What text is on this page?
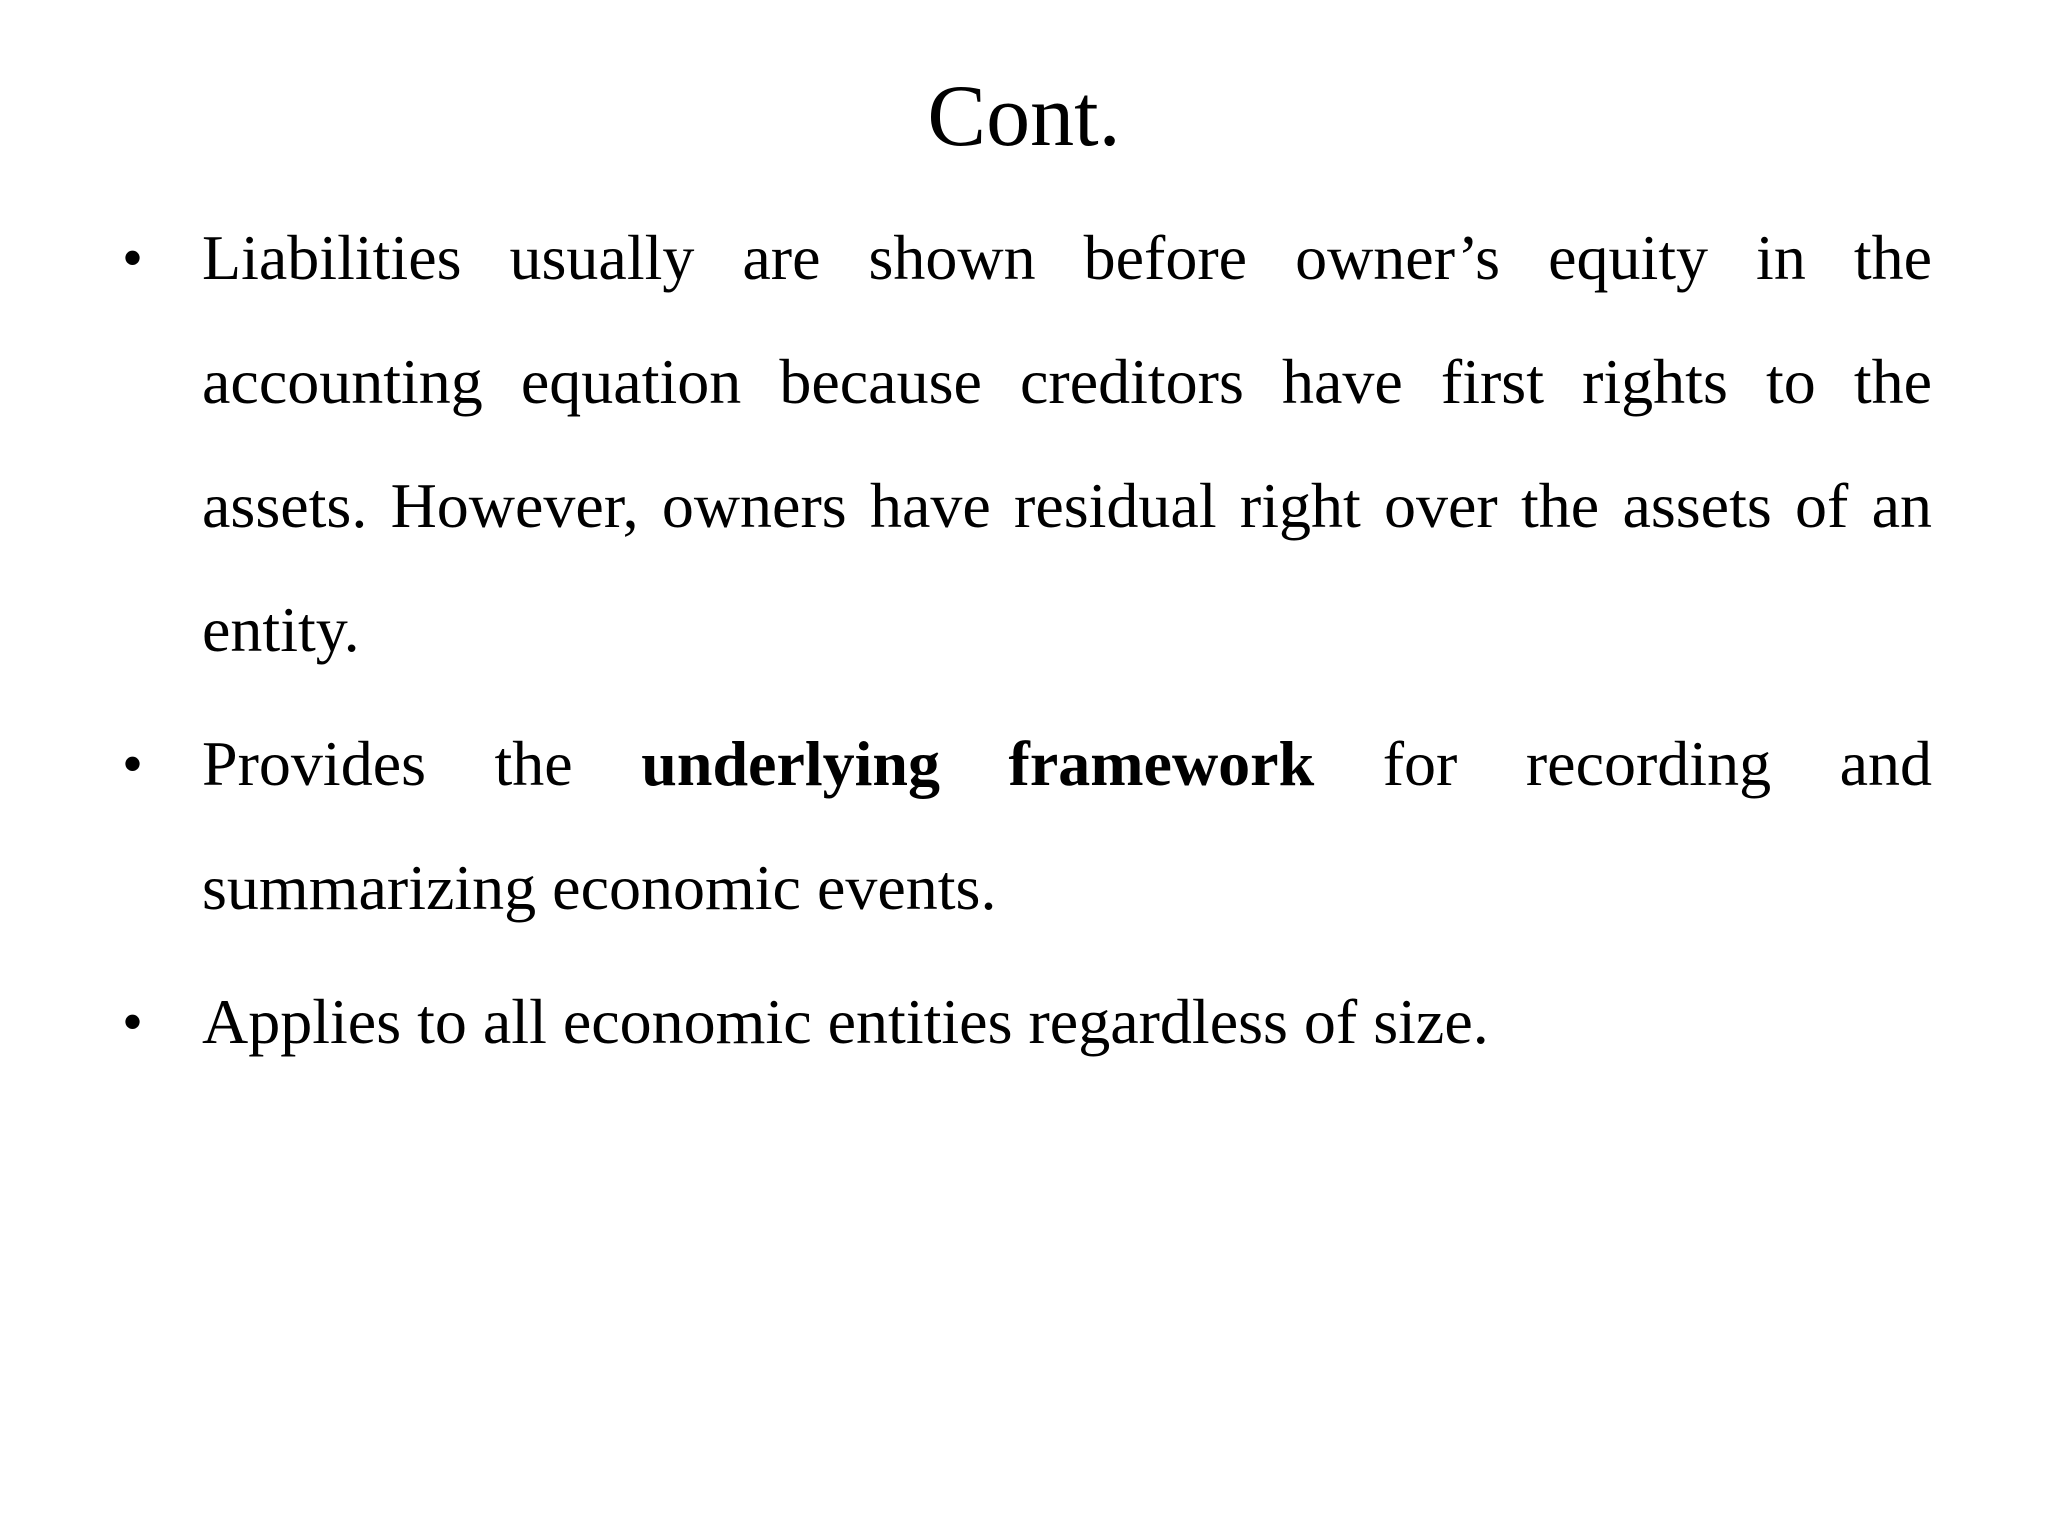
Cont.
• Liabilities usually are shown before owner’s equity in the accounting equation because creditors have first rights to the assets. However, owners have residual right over the assets of an entity.
• Provides the underlying framework for recording and summarizing economic events.
• Applies to all economic entities regardless of size.
